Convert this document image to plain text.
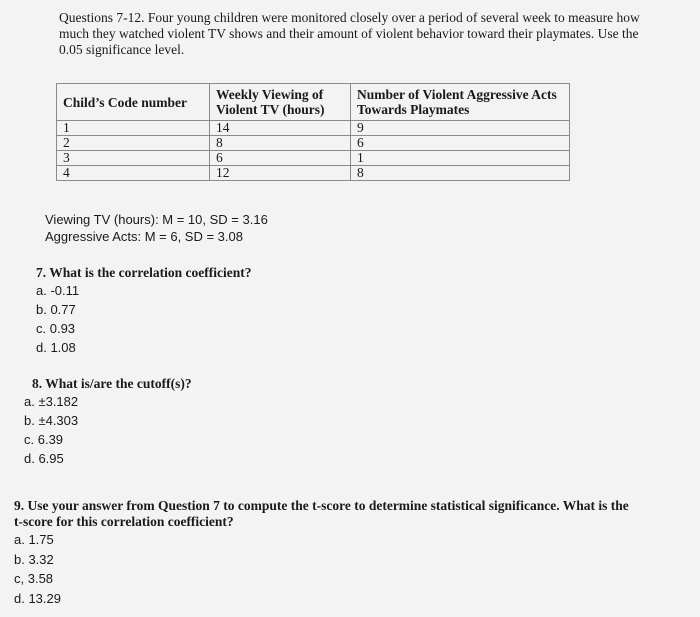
Questions 7-12. Four young children were monitored closely over a period of several week to measure how much they watched violent TV shows and their amount of violent behavior toward their playmates. Use the 0.05 significance level.
Child’s Code number	Weekly Viewing of Violent TV (hours)	Number of Violent Aggressive Acts Towards Playmates
1	14	9
2	8	6
3	6	1
4	12	8
Viewing TV (hours): M = 10, SD = 3.16
Aggressive Acts: M = 6, SD = 3.08
7. What is the correlation coefficient?
a. -0.11
b. 0.77
c. 0.93
d. 1.08
8. What is/are the cutoff(s)?
a. ±3.182
b. ±4.303
c. 6.39
d. 6.95
9. Use your answer from Question 7 to compute the t-score to determine statistical significance. What is the t-score for this correlation coefficient?
a. 1.75
b. 3.32
c, 3.58
d. 13.29
